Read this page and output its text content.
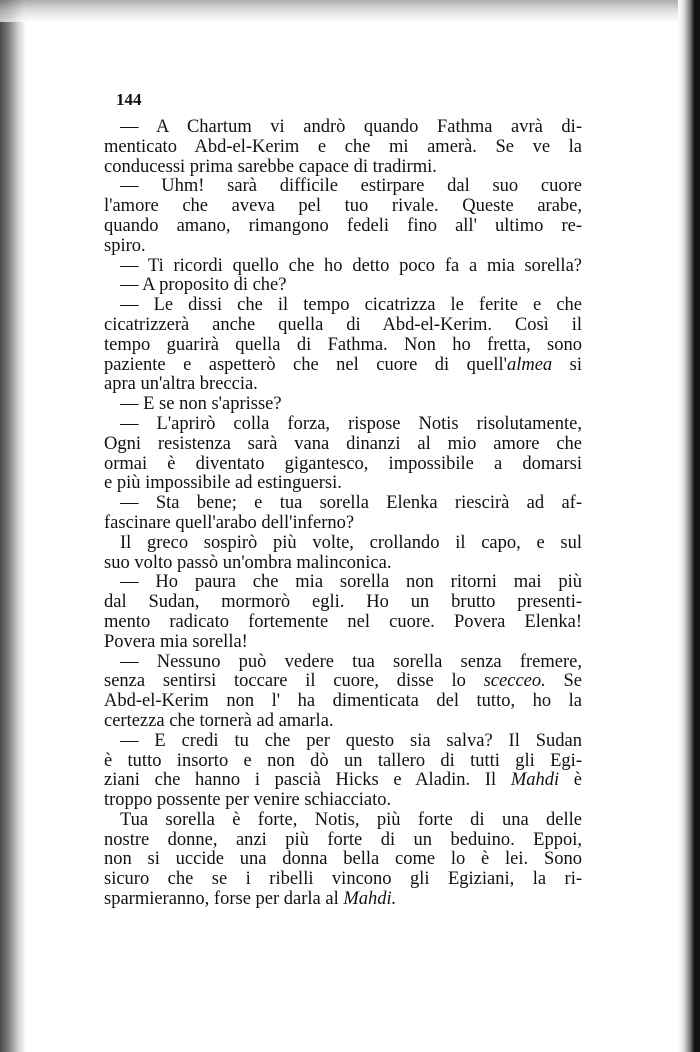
144
— A Chartum vi andrò quando Fathma avrà di-
menticato Abd-el-Kerim e che mi amerà. Se ve la
conducessi prima sarebbe capace di tradirmi.
— Uhm! sarà difficile estirpare dal suo cuore
l'amore che aveva pel tuo rivale. Queste arabe,
quando amano, rimangono fedeli fino all' ultimo re-
spiro.
— Ti ricordi quello che ho detto poco fa a mia sorella?
— A proposito di che?
— Le dissi che il tempo cicatrizza le ferite e che
cicatrizzerà anche quella di Abd-el-Kerim. Così il
tempo guarirà quella di Fathma. Non ho fretta, sono
paziente e aspetterò che nel cuore di quell'almea si
apra un'altra breccia.
— E se non s'aprisse?
— L'aprirò colla forza, rispose Notis risolutamente,
Ogni resistenza sarà vana dinanzi al mio amore che
ormai è diventato gigantesco, impossibile a domarsi
e più impossibile ad estinguersi.
— Sta bene; e tua sorella Elenka riescirà ad af-
fascinare quell'arabo dell'inferno?
Il greco sospirò più volte, crollando il capo, e sul
suo volto passò un'ombra malinconica.
— Ho paura che mia sorella non ritorni mai più
dal Sudan, mormorò egli. Ho un brutto presenti-
mento radicato fortemente nel cuore. Povera Elenka!
Povera mia sorella!
— Nessuno può vedere tua sorella senza fremere,
senza sentirsi toccare il cuore, disse lo scecceo. Se
Abd-el-Kerim non l' ha dimenticata del tutto, ho la
certezza che tornerà ad amarla.
— E credi tu che per questo sia salva? Il Sudan
è tutto insorto e non dò un tallero di tutti gli Egi-
ziani che hanno i pascià Hicks e Aladin. Il Mahdi è
troppo possente per venire schiacciato.
Tua sorella è forte, Notis, più forte di una delle
nostre donne, anzi più forte di un beduino. Eppoi,
non si uccide una donna bella come lo è lei. Sono
sicuro che se i ribelli vincono gli Egiziani, la ri-
sparmieranno, forse per darla al Mahdi.
